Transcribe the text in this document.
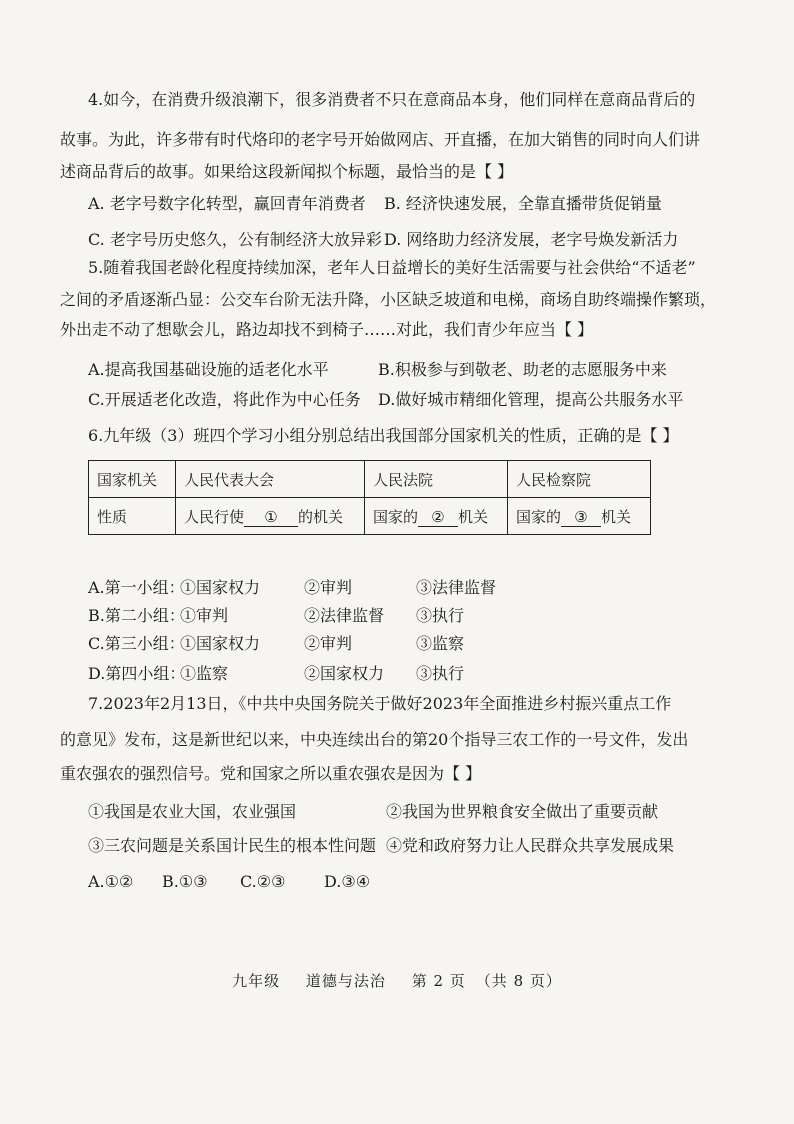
4.如今，在消费升级浪潮下，很多消费者不只在意商品本身，他们同样在意商品背后的
故事。为此，许多带有时代烙印的老字号开始做网店、开直播，在加大销售的同时向人们讲
述商品背后的故事。如果给这段新闻拟个标题，最恰当的是【 】
A. 老字号数字化转型，赢回青年消费者 B. 经济快速发展，全靠直播带货促销量
C. 老字号历史悠久，公有制经济大放异彩 D. 网络助力经济发展，老字号焕发新活力
5.随着我国老龄化程度持续加深，老年人日益增长的美好生活需要与社会供给“不适老”
之间的矛盾逐渐凸显：公交车台阶无法升降，小区缺乏坡道和电梯，商场自助终端操作繁琐，
外出走不动了想歇会儿，路边却找不到椅子……对此，我们青少年应当【 】
A.提高我国基础设施的适老化水平	B.积极参与到敬老、助老的志愿服务中来
C.开展适老化改造，将此作为中心任务 D.做好城市精细化管理，提高公共服务水平
6.九年级（3）班四个学习小组分别总结出我国部分国家机关的性质，正确的是【 】
国家机关	人民代表大会	人民法院	人民检察院
性质	人民行使 ① 的机关	国家的 ② 机关	国家的 ③ 机关
A.第一小组：
①国家权力	②审判	③法律监督
B.第二小组：
①审判	②法律监督 ③执行
C.第三小组：
①国家权力	②审判	③监察
D.第四小组：
①监察	②国家权力 ③执行
7.2023年2月13日，《中共中央国务院关于做好2023年全面推进乡村振兴重点工作
的意见》发布，这是新世纪以来，中央连续出台的第20个指导三农工作的一号文件，发出
重农强农的强烈信号。党和国家之所以重农强农是因为【 】
①我国是农业大国，农业强国	②我国为世界粮食安全做出了重要贡献
③三农问题是关系国计民生的根本性问题 ④党和政府努力让人民群众共享发展成果
A.①② B.①③ C.②③ D.③④
九年级 道德与法治 第 2 页 （共 8 页）
